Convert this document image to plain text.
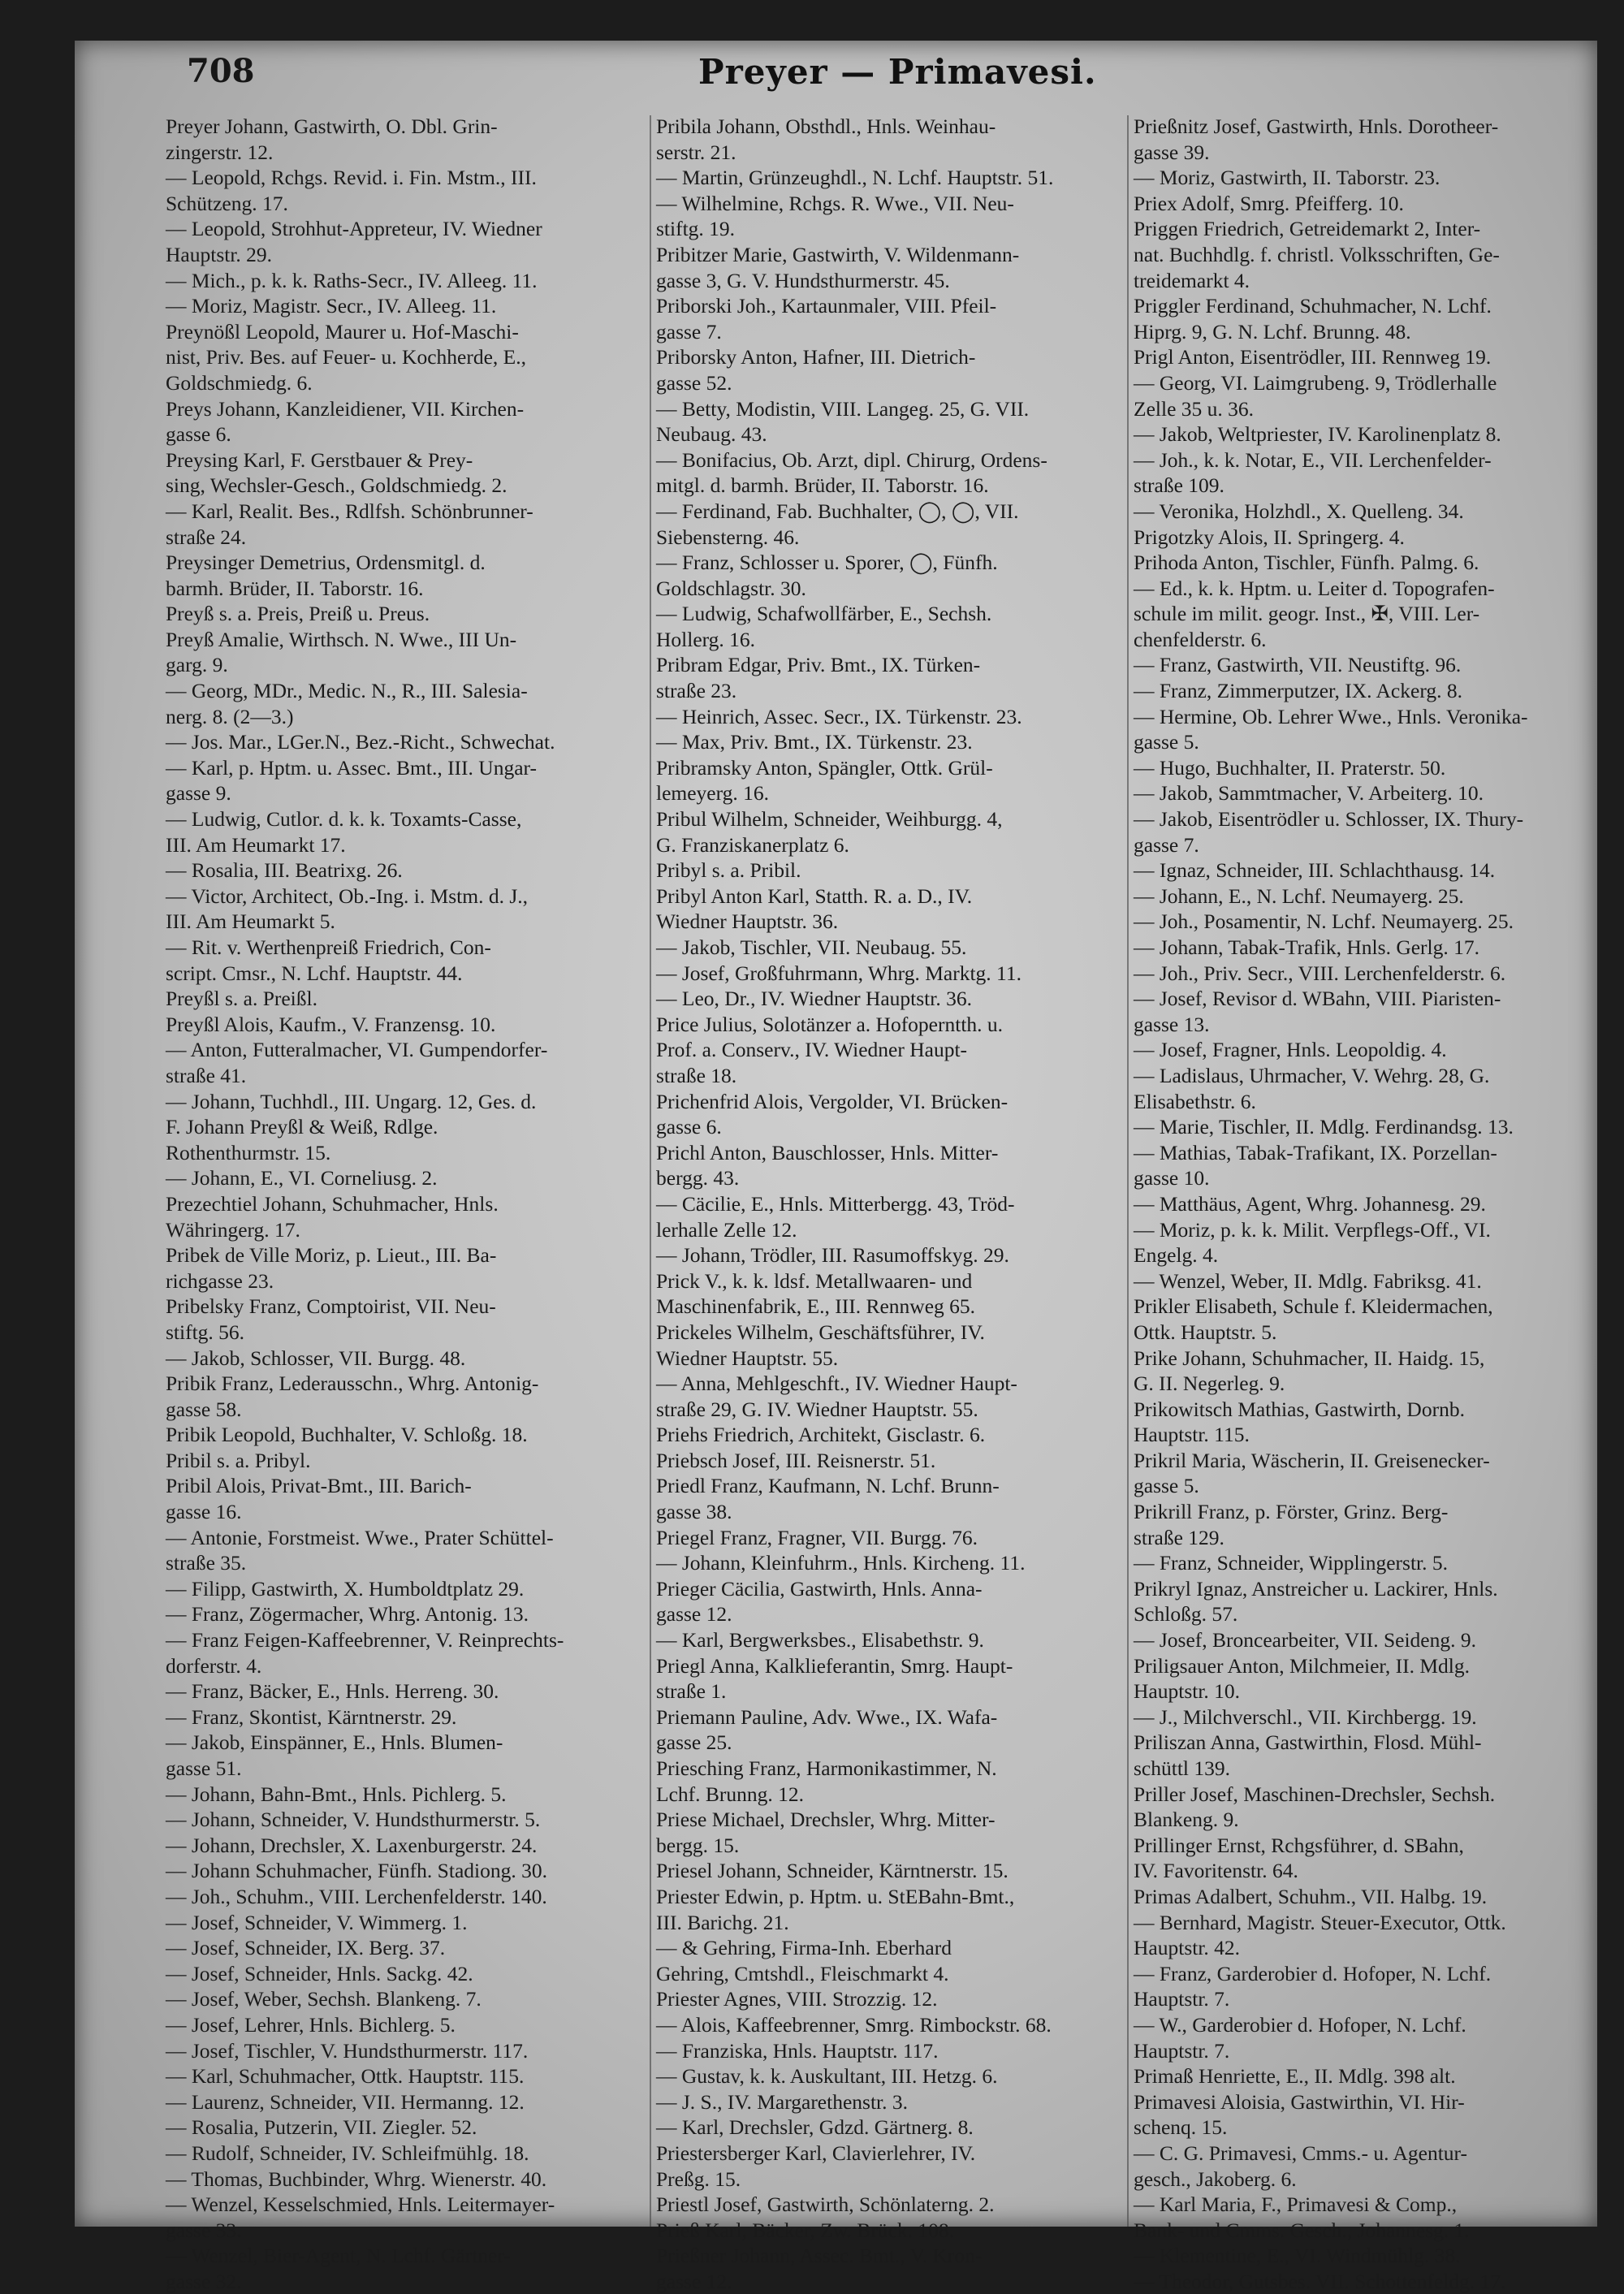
708	Preyer — Primavesi.
Preyer Johann, Gastwirth, O. Dbl. Grin-
zingerstr. 12.
— Leopold, Rchgs. Revid. i. Fin. Mstm., III.
Schützeng. 17.
— Leopold, Strohhut-Appreteur, IV. Wiedner
Hauptstr. 29.
— Mich., p. k. k. Raths-Secr., IV. Alleeg. 11.
— Moriz, Magistr. Secr., IV. Alleeg. 11.
Preynößl Leopold, Maurer u. Hof-Maschi-
nist, Priv. Bes. auf Feuer- u. Kochherde, E.,
Goldschmiedg. 6.
Preys Johann, Kanzleidiener, VII. Kirchen-
gasse 6.
Preysing Karl, F. Gerstbauer & Prey-
sing, Wechsler-Gesch., Goldschmiedg. 2.
— Karl, Realit. Bes., Rdlfsh. Schönbrunner-
straße 24.
Preysinger Demetrius, Ordensmitgl. d.
barmh. Brüder, II. Taborstr. 16.
Preyß s. a. Preis, Preiß u. Preus.
Preyß Amalie, Wirthsch. N. Wwe., III Un-
garg. 9.
— Georg, MDr., Medic. N., R., III. Salesia-
nerg. 8. (2—3.)
— Jos. Mar., LGer.N., Bez.-Richt., Schwechat.
— Karl, p. Hptm. u. Assec. Bmt., III. Ungar-
gasse 9.
— Ludwig, Cutlor. d. k. k. Toxamts-Casse,
III. Am Heumarkt 17.
— Rosalia, III. Beatrixg. 26.
— Victor, Architect, Ob.-Ing. i. Mstm. d. J.,
III. Am Heumarkt 5.
— Rit. v. Werthenpreiß Friedrich, Con-
script. Cmsr., N. Lchf. Hauptstr. 44.
Preyßl s. a. Preißl.
Preyßl Alois, Kaufm., V. Franzensg. 10.
— Anton, Futteralmacher, VI. Gumpendorfer-
straße 41.
— Johann, Tuchhdl., III. Ungarg. 12, Ges. d.
F. Johann Preyßl & Weiß, Rdlge.
Rothenthurmstr. 15.
— Johann, E., VI. Corneliusg. 2.
Prezechtiel Johann, Schuhmacher, Hnls.
Währingerg. 17.
Pribek de Ville Moriz, p. Lieut., III. Ba-
richgasse 23.
Pribelsky Franz, Comptoirist, VII. Neu-
stiftg. 56.
— Jakob, Schlosser, VII. Burgg. 48.
Pribik Franz, Lederausschn., Whrg. Antonig-
gasse 58.
Pribik Leopold, Buchhalter, V. Schloßg. 18.
Pribil s. a. Pribyl.
Pribil Alois, Privat-Bmt., III. Barich-
gasse 16.
— Antonie, Forstmeist. Wwe., Prater Schüttel-
straße 35.
— Filipp, Gastwirth, X. Humboldtplatz 29.
— Franz, Zögermacher, Whrg. Antonig. 13.
— Franz Feigen-Kaffeebrenner, V. Reinprechts-
dorferstr. 4.
— Franz, Bäcker, E., Hnls. Herreng. 30.
— Franz, Skontist, Kärntnerstr. 29.
— Jakob, Einspänner, E., Hnls. Blumen-
gasse 51.
— Johann, Bahn-Bmt., Hnls. Pichlerg. 5.
— Johann, Schneider, V. Hundsthurmerstr. 5.
— Johann, Drechsler, X. Laxenburgerstr. 24.
— Johann Schuhmacher, Fünfh. Stadiong. 30.
— Joh., Schuhm., VIII. Lerchenfelderstr. 140.
— Josef, Schneider, V. Wimmerg. 1.
— Josef, Schneider, IX. Berg. 37.
— Josef, Schneider, Hnls. Sackg. 42.
— Josef, Weber, Sechsh. Blankeng. 7.
— Josef, Lehrer, Hnls. Bichlerg. 5.
— Josef, Tischler, V. Hundsthurmerstr. 117.
— Karl, Schuhmacher, Ottk. Hauptstr. 115.
— Laurenz, Schneider, VII. Hermanng. 12.
— Rosalia, Putzerin, VII. Ziegler. 52.
— Rudolf, Schneider, IV. Schleifmühlg. 18.
— Thomas, Buchbinder, Whrg. Wienerstr. 40.
— Wenzel, Kesselschmied, Hnls. Leitermayer-
gasse 33.
— Wenzel, Bier-Agent, N. Lchf. Gärtner-
gasse 32.
Pribila Johann, Obsthdl., Hnls. Weinhau-
serstr. 21.
— Martin, Grünzeughdl., N. Lchf. Hauptstr. 51.
— Wilhelmine, Rchgs. R. Wwe., VII. Neu-
stiftg. 19.
Pribitzer Marie, Gastwirth, V. Wildenmann-
gasse 3, G. V. Hundsthurmerstr. 45.
Priborski Joh., Kartaunmaler, VIII. Pfeil-
gasse 7.
Priborsky Anton, Hafner, III. Dietrich-
gasse 52.
— Betty, Modistin, VIII. Langeg. 25, G. VII.
Neubaug. 43.
— Bonifacius, Ob. Arzt, dipl. Chirurg, Ordens-
mitgl. d. barmh. Brüder, II. Taborstr. 16.
— Ferdinand, Fab. Buchhalter, ◯, ◯, VII.
Siebensterng. 46.
— Franz, Schlosser u. Sporer, ◯, Fünfh.
Goldschlagstr. 30.
— Ludwig, Schafwollfärber, E., Sechsh.
Hollerg. 16.
Pribram Edgar, Priv. Bmt., IX. Türken-
straße 23.
— Heinrich, Assec. Secr., IX. Türkenstr. 23.
— Max, Priv. Bmt., IX. Türkenstr. 23.
Pribramsky Anton, Spängler, Ottk. Grül-
lemeyerg. 16.
Pribul Wilhelm, Schneider, Weihburgg. 4,
G. Franziskanerplatz 6.
Pribyl s. a. Pribil.
Pribyl Anton Karl, Statth. R. a. D., IV.
Wiedner Hauptstr. 36.
— Jakob, Tischler, VII. Neubaug. 55.
— Josef, Großfuhrmann, Whrg. Marktg. 11.
— Leo, Dr., IV. Wiedner Hauptstr. 36.
Price Julius, Solotänzer a. Hofoperntth. u.
Prof. a. Conserv., IV. Wiedner Haupt-
straße 18.
Prichenfrid Alois, Vergolder, VI. Brücken-
gasse 6.
Prichl Anton, Bauschlosser, Hnls. Mitter-
bergg. 43.
— Cäcilie, E., Hnls. Mitterbergg. 43, Tröd-
lerhalle Zelle 12.
— Johann, Trödler, III. Rasumoffskyg. 29.
Prick V., k. k. ldsf. Metallwaaren- und
Maschinenfabrik, E., III. Rennweg 65.
Prickeles Wilhelm, Geschäftsführer, IV.
Wiedner Hauptstr. 55.
— Anna, Mehlgeschft., IV. Wiedner Haupt-
straße 29, G. IV. Wiedner Hauptstr. 55.
Priehs Friedrich, Architekt, Gisclastr. 6.
Priebsch Josef, III. Reisnerstr. 51.
Priedl Franz, Kaufmann, N. Lchf. Brunn-
gasse 38.
Priegel Franz, Fragner, VII. Burgg. 76.
— Johann, Kleinfuhrm., Hnls. Kircheng. 11.
Prieger Cäcilia, Gastwirth, Hnls. Anna-
gasse 12.
— Karl, Bergwerksbes., Elisabethstr. 9.
Priegl Anna, Kalklieferantin, Smrg. Haupt-
straße 1.
Priemann Pauline, Adv. Wwe., IX. Wafa-
gasse 25.
Priesching Franz, Harmonikastimmer, N.
Lchf. Brunng. 12.
Priese Michael, Drechsler, Whrg. Mitter-
bergg. 15.
Priesel Johann, Schneider, Kärntnerstr. 15.
Priester Edwin, p. Hptm. u. StEBahn-Bmt.,
III. Barichg. 21.
— & Gehring, Firma-Inh. Eberhard
Gehring, Cmtshdl., Fleischmarkt 4.
Priester Agnes, VIII. Strozzig. 12.
— Alois, Kaffeebrenner, Smrg. Rimbockstr. 68.
— Franziska, Hnls. Hauptstr. 117.
— Gustav, k. k. Auskultant, III. Hetzg. 6.
— J. S., IV. Margarethenstr. 3.
— Karl, Drechsler, Gdzd. Gärtnerg. 8.
Priestersberger Karl, Clavierlehrer, IV.
Preßg. 15.
Priestl Josef, Gastwirth, Schönlaterng. 2.
Prieß Karl, Bäcker, Zw. Brück. 108.
Prießner Johann, Assec. Bmt., V. Kron-
gasse 12.
Prießnitz Josef, Gastwirth, Hnls. Dorotheer-
gasse 39.
— Moriz, Gastwirth, II. Taborstr. 23.
Priex Adolf, Smrg. Pfeifferg. 10.
Priggen Friedrich, Getreidemarkt 2, Inter-
nat. Buchhdlg. f. christl. Volksschriften, Ge-
treidemarkt 4.
Priggler Ferdinand, Schuhmacher, N. Lchf.
Hiprg. 9, G. N. Lchf. Brunng. 48.
Prigl Anton, Eisentrödler, III. Rennweg 19.
— Georg, VI. Laimgrubeng. 9, Trödlerhalle
Zelle 35 u. 36.
— Jakob, Weltpriester, IV. Karolinenplatz 8.
— Joh., k. k. Notar, E., VII. Lerchenfelder-
straße 109.
— Veronika, Holzhdl., X. Quelleng. 34.
Prigotzky Alois, II. Springerg. 4.
Prihoda Anton, Tischler, Fünfh. Palmg. 6.
— Ed., k. k. Hptm. u. Leiter d. Topografen-
schule im milit. geogr. Inst., ✠, VIII. Ler-
chenfelderstr. 6.
— Franz, Gastwirth, VII. Neustiftg. 96.
— Franz, Zimmerputzer, IX. Ackerg. 8.
— Hermine, Ob. Lehrer Wwe., Hnls. Veronika-
gasse 5.
— Hugo, Buchhalter, II. Praterstr. 50.
— Jakob, Sammtmacher, V. Arbeiterg. 10.
— Jakob, Eisentrödler u. Schlosser, IX. Thury-
gasse 7.
— Ignaz, Schneider, III. Schlachthausg. 14.
— Johann, E., N. Lchf. Neumayerg. 25.
— Joh., Posamentir, N. Lchf. Neumayerg. 25.
— Johann, Tabak-Trafik, Hnls. Gerlg. 17.
— Joh., Priv. Secr., VIII. Lerchenfelderstr. 6.
— Josef, Revisor d. WBahn, VIII. Piaristen-
gasse 13.
— Josef, Fragner, Hnls. Leopoldig. 4.
— Ladislaus, Uhrmacher, V. Wehrg. 28, G.
Elisabethstr. 6.
— Marie, Tischler, II. Mdlg. Ferdinandsg. 13.
— Mathias, Tabak-Trafikant, IX. Porzellan-
gasse 10.
— Matthäus, Agent, Whrg. Johannesg. 29.
— Moriz, p. k. k. Milit. Verpflegs-Off., VI.
Engelg. 4.
— Wenzel, Weber, II. Mdlg. Fabriksg. 41.
Prikler Elisabeth, Schule f. Kleidermachen,
Ottk. Hauptstr. 5.
Prike Johann, Schuhmacher, II. Haidg. 15,
G. II. Negerleg. 9.
Prikowitsch Mathias, Gastwirth, Dornb.
Hauptstr. 115.
Prikril Maria, Wäscherin, II. Greisenecker-
gasse 5.
Prikrill Franz, p. Förster, Grinz. Berg-
straße 129.
— Franz, Schneider, Wipplingerstr. 5.
Prikryl Ignaz, Anstreicher u. Lackirer, Hnls.
Schloßg. 57.
— Josef, Broncearbeiter, VII. Seideng. 9.
Priligsauer Anton, Milchmeier, II. Mdlg.
Hauptstr. 10.
— J., Milchverschl., VII. Kirchbergg. 19.
Priliszan Anna, Gastwirthin, Flosd. Mühl-
schüttl 139.
Priller Josef, Maschinen-Drechsler, Sechsh.
Blankeng. 9.
Prillinger Ernst, Rchgsführer, d. SBahn,
IV. Favoritenstr. 64.
Primas Adalbert, Schuhm., VII. Halbg. 19.
— Bernhard, Magistr. Steuer-Executor, Ottk.
Hauptstr. 42.
— Franz, Garderobier d. Hofoper, N. Lchf.
Hauptstr. 7.
— W., Garderobier d. Hofoper, N. Lchf.
Hauptstr. 7.
Primaß Henriette, E., II. Mdlg. 398 alt.
Primavesi Aloisia, Gastwirthin, VI. Hir-
schenq. 15.
— C. G. Primavesi, Cmms.- u. Agentur-
gesch., Jakoberg. 6.
— Karl Maria, F., Primavesi & Comp.,
Bank- und Cmms. Gesch., Johannesg. 1.
— Klementine, E., VI. Windmühlg. 38.
— Theodor, Gutsbes. VII. Schottenfeldg. 17.
